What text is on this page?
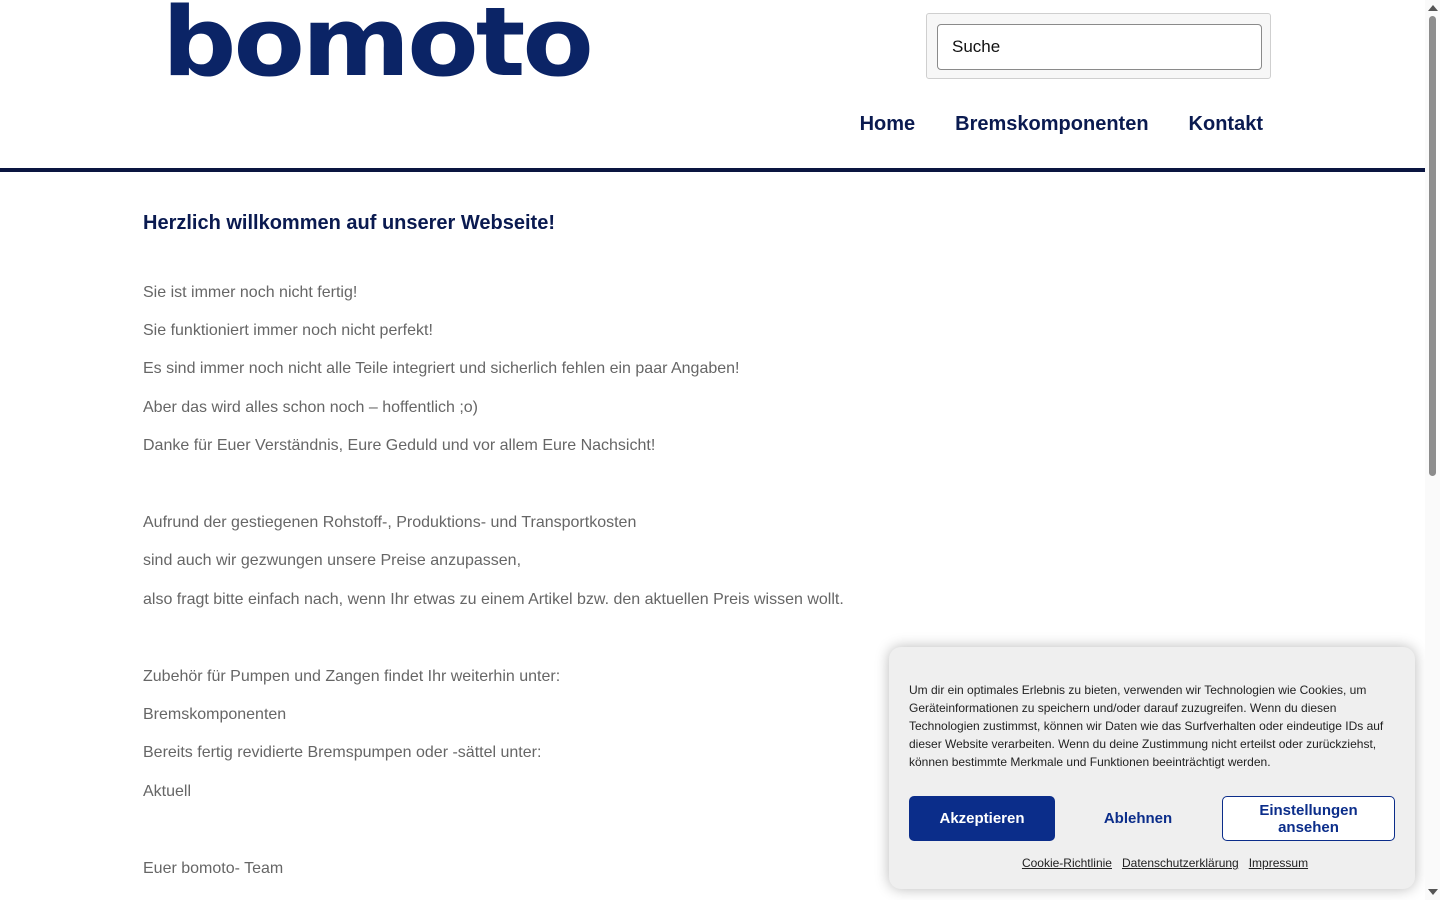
bomoto
Suche
Home Bremskomponenten Kontakt
Herzlich willkommen auf unserer Webseite!

Sie ist immer noch nicht fertig!

Sie funktioniert immer noch nicht perfekt!

Es sind immer noch nicht alle Teile integriert und sicherlich fehlen ein paar Angaben!

Aber das wird alles schon noch – hoffentlich ;o)

Danke für Euer Verständnis, Eure Geduld und vor allem Eure Nachsicht!

Aufrund der gestiegenen Rohstoff-, Produktions- und Transportkosten

sind auch wir gezwungen unsere Preise anzupassen,

also fragt bitte einfach nach, wenn Ihr etwas zu einem Artikel bzw. den aktuellen Preis wissen wollt.

Zubehör für Pumpen und Zangen findet Ihr weiterhin unter:

Bremskomponenten

Bereits fertig revidierte Bremspumpen oder -sättel unter:

Aktuell

Euer bomoto- Team

Um dir ein optimales Erlebnis zu bieten, verwenden wir Technologien wie Cookies, um Geräteinformationen zu speichern und/oder darauf zuzugreifen. Wenn du diesen Technologien zustimmst, können wir Daten wie das Surfverhalten oder eindeutige IDs auf dieser Website verarbeiten. Wenn du deine Zustimmung nicht erteilst oder zurückziehst, können bestimmte Merkmale und Funktionen beeinträchtigt werden.

Akzeptieren	Ablehnen	Einstellungen ansehen
Cookie-Richtlinie Datenschutzerklärung Impressum
